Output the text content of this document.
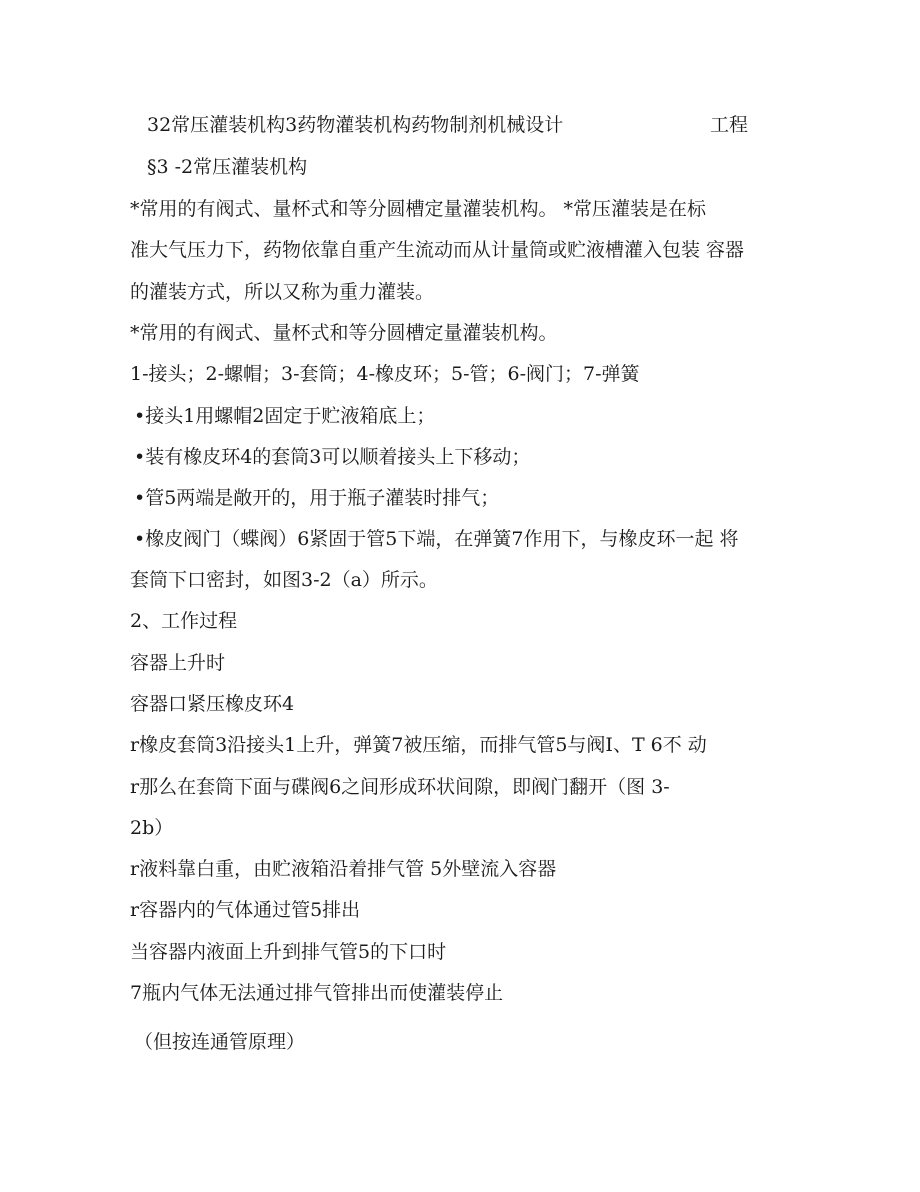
32常压灌装机构3药物灌装机构药物制剂机械设计	工程
§3 -2常压灌装机构
*常用的有阀式、量杯式和等分圆槽定量灌装机构。 *常压灌装是在标
准大气压力下，药物依靠自重产生流动而从计量筒或贮液槽灌入包装 容器
的灌装方式，所以又称为重力灌装。
*常用的有阀式、量杯式和等分圆槽定量灌装机构。
1-接头；2-螺帽；3-套筒；4-橡皮环；5-管；6-阀门；7-弹簧
•接头1用螺帽2固定于贮液箱底上；
•装有橡皮环4的套筒3可以顺着接头上下移动；
•管5两端是敞开的，用于瓶子灌装时排气；
•橡皮阀门（蝶阀）6紧固于管5下端，在弹簧7作用下，与橡皮环一起 将
套筒下口密封，如图3-2（a）所示。
2、工作过程
容器上升时
容器口紧压橡皮环4
r橡皮套筒3沿接头1上升，弹簧7被压缩，而排气管5与阀I、T 6不 动
r那么在套筒下面与碟阀6之间形成环状间隙，即阀门翻开（图 3-
2b）
r液料靠白重，由贮液箱沿着排气管 5外壁流入容器
r容器内的气体通过管5排出
当容器内液面上升到排气管5的下口时
7瓶内气体无法通过排气管排出而使灌装停止
（但按连通管原理）
